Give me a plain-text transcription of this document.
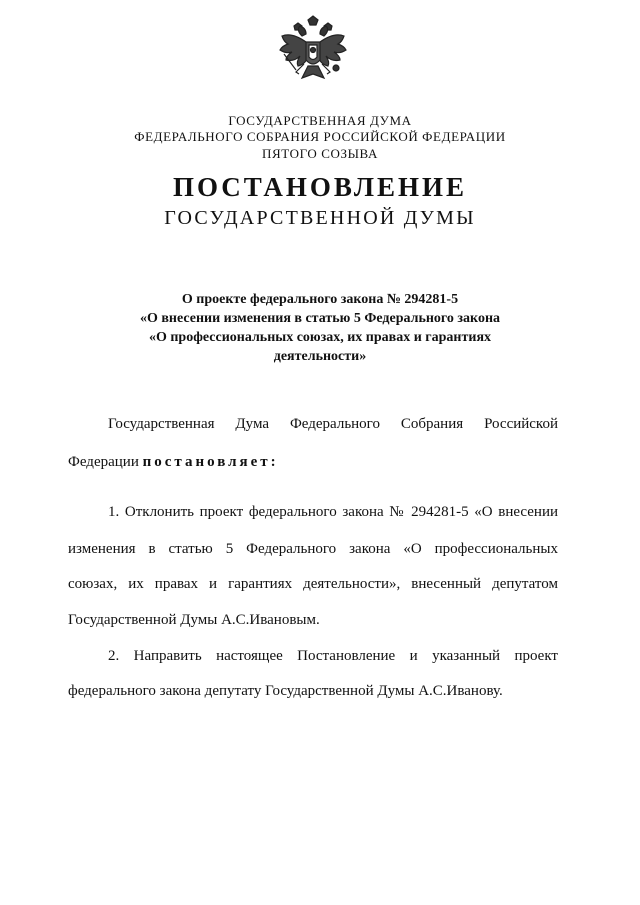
ГОСУДАРСТВЕННАЯ ДУМА
ФЕДЕРАЛЬНОГО СОБРАНИЯ РОССИЙСКОЙ ФЕДЕРАЦИИ
ПЯТОГО СОЗЫВА
ПОСТАНОВЛЕНИЕ
ГОСУДАРСТВЕННОЙ ДУМЫ
О проекте федерального закона № 294281-5
«О внесении изменения в статью 5 Федерального закона
«О профессиональных союзах, их правах и гарантиях
деятельности»
Государственная Дума Федерального Собрания Российской
Федерации постановляет:
1. Отклонить проект федерального закона № 294281-5 «О внесении
изменения в статью 5 Федерального закона «О профессиональных
союзах, их правах и гарантиях деятельности», внесенный депутатом
Государственной Думы А.С.Ивановым.
2. Направить настоящее Постановление и указанный проект
федерального закона депутату Государственной Думы А.С.Иванову.
